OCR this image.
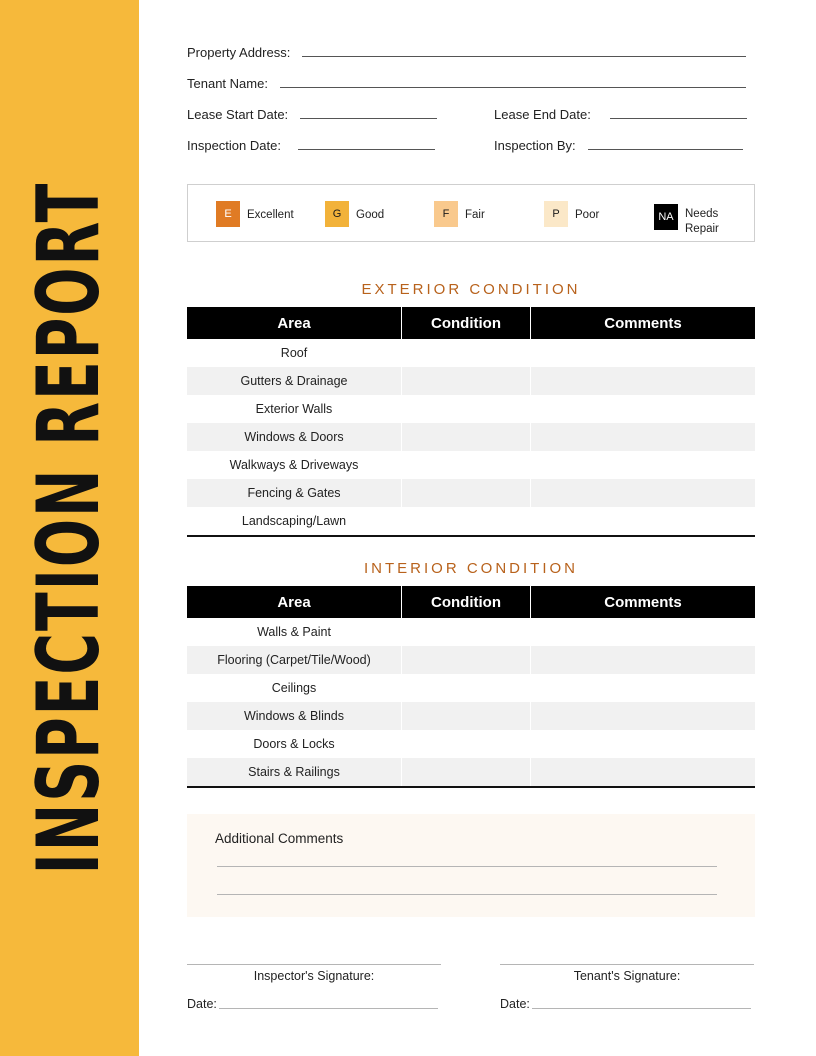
INSPECTION REPORT
Property Address:
Tenant Name:
Lease Start Date:	Lease End Date:
Inspection Date:	Inspection By:
E	Excellent	G	Good	F	Fair	P	Poor	NA Needs Repair
EXTERIOR CONDITION
Area	Condition	Comments
Roof
Gutters & Drainage
Exterior Walls
Windows & Doors
Walkways & Driveways
Fencing & Gates
Landscaping/Lawn
INTERIOR CONDITION
Area	Condition	Comments
Walls & Paint
Flooring (Carpet/Tile/Wood)
Ceilings
Windows & Blinds
Doors & Locks
Stairs & Railings
Additional Comments
Inspector's Signature:
Date:
Tenant's Signature:
Date:
